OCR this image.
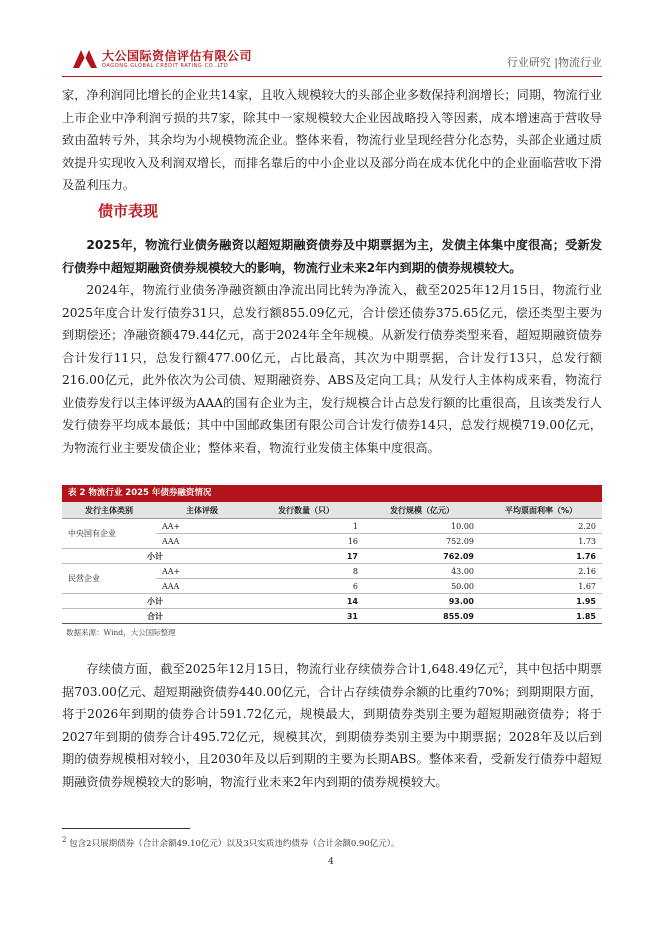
大公国际资信评估有限公司
DAGONG GLOBAL CREDIT RATING CO.,LTD	行业研究 |物流行业

家，净利润同比增长的企业共14家，且收入规模较大的头部企业多数保持利润增长；同期，物流行业上市企业中净利润亏损的共7家，除其中一家规模较大企业因战略投入等因素，成本增速高于营收导致由盈转亏外，其余均为小规模物流企业。整体来看，物流行业呈现经营分化态势，头部企业通过质效提升实现收入及利润双增长，而排名靠后的中小企业以及部分尚在成本优化中的企业面临营收下滑及盈利压力。

债市表现

2025年，物流行业债务融资以超短期融资债券及中期票据为主，发债主体集中度很高；受新发行债券中超短期融资债券规模较大的影响，物流行业未来2年内到期的债券规模较大。

2024年，物流行业债务净融资额由净流出同比转为净流入，截至2025年12月15日，物流行业2025年度合计发行债券31只，总发行额855.09亿元，合计偿还债券375.65亿元，偿还类型主要为到期偿还；净融资额479.44亿元，高于2024年全年规模。从新发行债券类型来看，超短期融资债券合计发行11只，总发行额477.00亿元，占比最高，其次为中期票据，合计发行13只，总发行额216.00亿元，此外依次为公司债、短期融资券、ABS及定向工具；从发行人主体构成来看，物流行业债券发行以主体评级为AAA的国有企业为主，发行规模合计占总发行额的比重很高，且该类发行人发行债券平均成本最低；其中中国邮政集团有限公司合计发行债券14只，总发行规模719.00亿元，为物流行业主要发债企业；整体来看，物流行业发债主体集中度很高。

表 2 物流行业 2025 年债券融资情况
发行主体类别	主体评级	发行数量（只）	发行规模（亿元）	平均票面利率（%）
中央国有企业	AA+	1	10.00	2.20
	AAA	16	752.09	1.73
小计		17	762.09	1.76
民营企业	AA+	8	43.00	2.16
	AAA	6	50.00	1.67
小计		14	93.00	1.95
合计		31	855.09	1.85
数据来源：Wind，大公国际整理

存续债方面，截至2025年12月15日，物流行业存续债券合计1,648.49亿元$^2$，其中包括中期票据703.00亿元、超短期融资债券440.00亿元，合计占存续债券余额的比重约70%；到期期限方面，将于2026年到期的债券合计591.72亿元，规模最大，到期债券类别主要为超短期融资债券；将于2027年到期的债券合计495.72亿元，规模其次，到期债券类别主要为中期票据；2028年及以后到期的债券规模相对较小，且2030年及以后到期的主要为长期ABS。整体来看，受新发行债券中超短期融资债券规模较大的影响，物流行业未来2年内到期的债券规模较大。

$^2$ 包含2只展期债券（合计余额49.10亿元）以及3只实质违约债券（合计余额0.90亿元）。
4
